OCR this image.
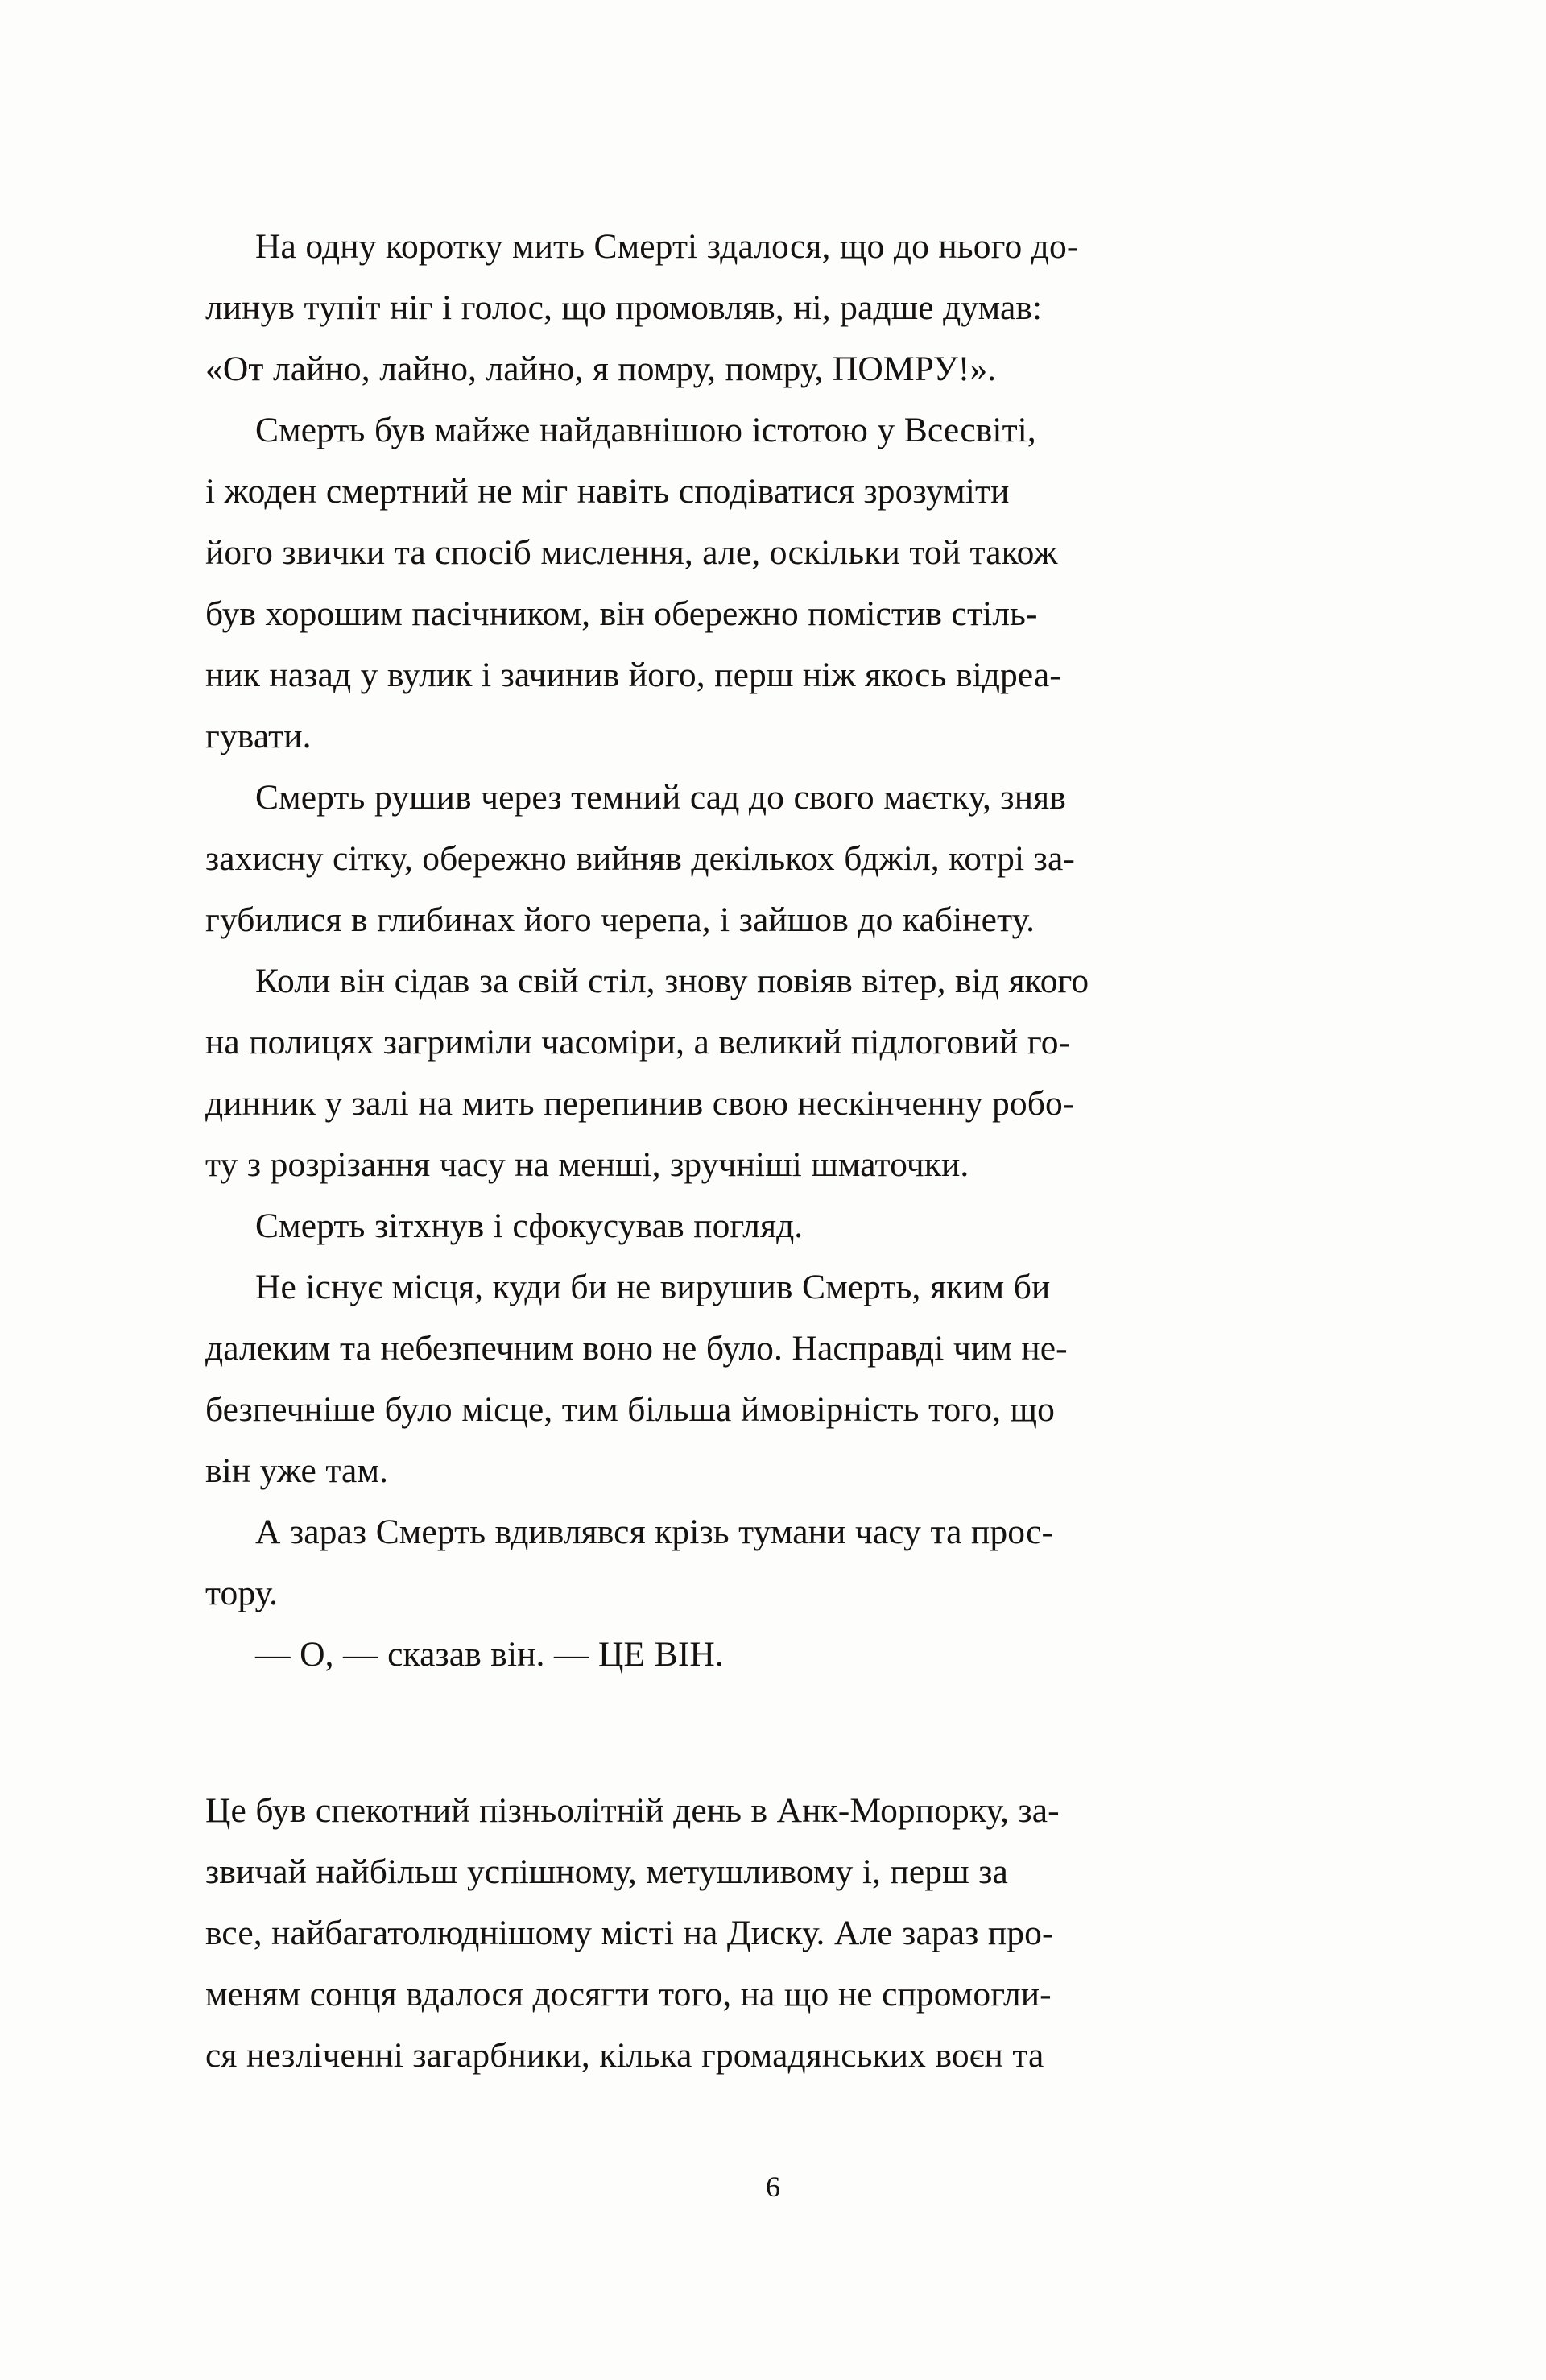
На одну коротку мить Смерті здалося, що до нього до-
линув тупіт ніг і голос, що промовляв, ні, радше думав:
«От лайно, лайно, лайно, я помру, помру, ПОМРУ!».

Смерть був майже найдавнішою істотою у Всесвіті,
і жоден смертний не міг навіть сподіватися зрозуміти
його звички та спосіб мислення, але, оскільки той також
був хорошим пасічником, він обережно помістив стіль-
ник назад у вулик і зачинив його, перш ніж якось відреа-
гувати.

Смерть рушив через темний сад до свого маєтку, зняв
захисну сітку, обережно вийняв декількох бджіл, котрі за-
губилися в глибинах його черепа, і зайшов до кабінету.

Коли він сідав за свій стіл, знову повіяв вітер, від якого
на полицях загриміли часоміри, а великий підлоговий го-
динник у залі на мить перепинив свою нескінченну робо-
ту з розрізання часу на менші, зручніші шматочки.

Смерть зітхнув і сфокусував погляд.

Не існує місця, куди би не вирушив Смерть, яким би
далеким та небезпечним воно не було. Насправді чим не-
безпечніше було місце, тим більша ймовірність того, що
він уже там.

А зараз Смерть вдивлявся крізь тумани часу та прос-
тору.

— О, — сказав він. — ЦЕ ВІН.

Це був спекотний пізньолітній день в Анк-Морпорку, за-
звичай найбільш успішному, метушливому і, перш за
все, найбагатолюднішому місті на Диску. Але зараз про-
меням сонця вдалося досягти того, на що не спромогли-
ся незліченні загарбники, кілька громадянських воєн та

6
